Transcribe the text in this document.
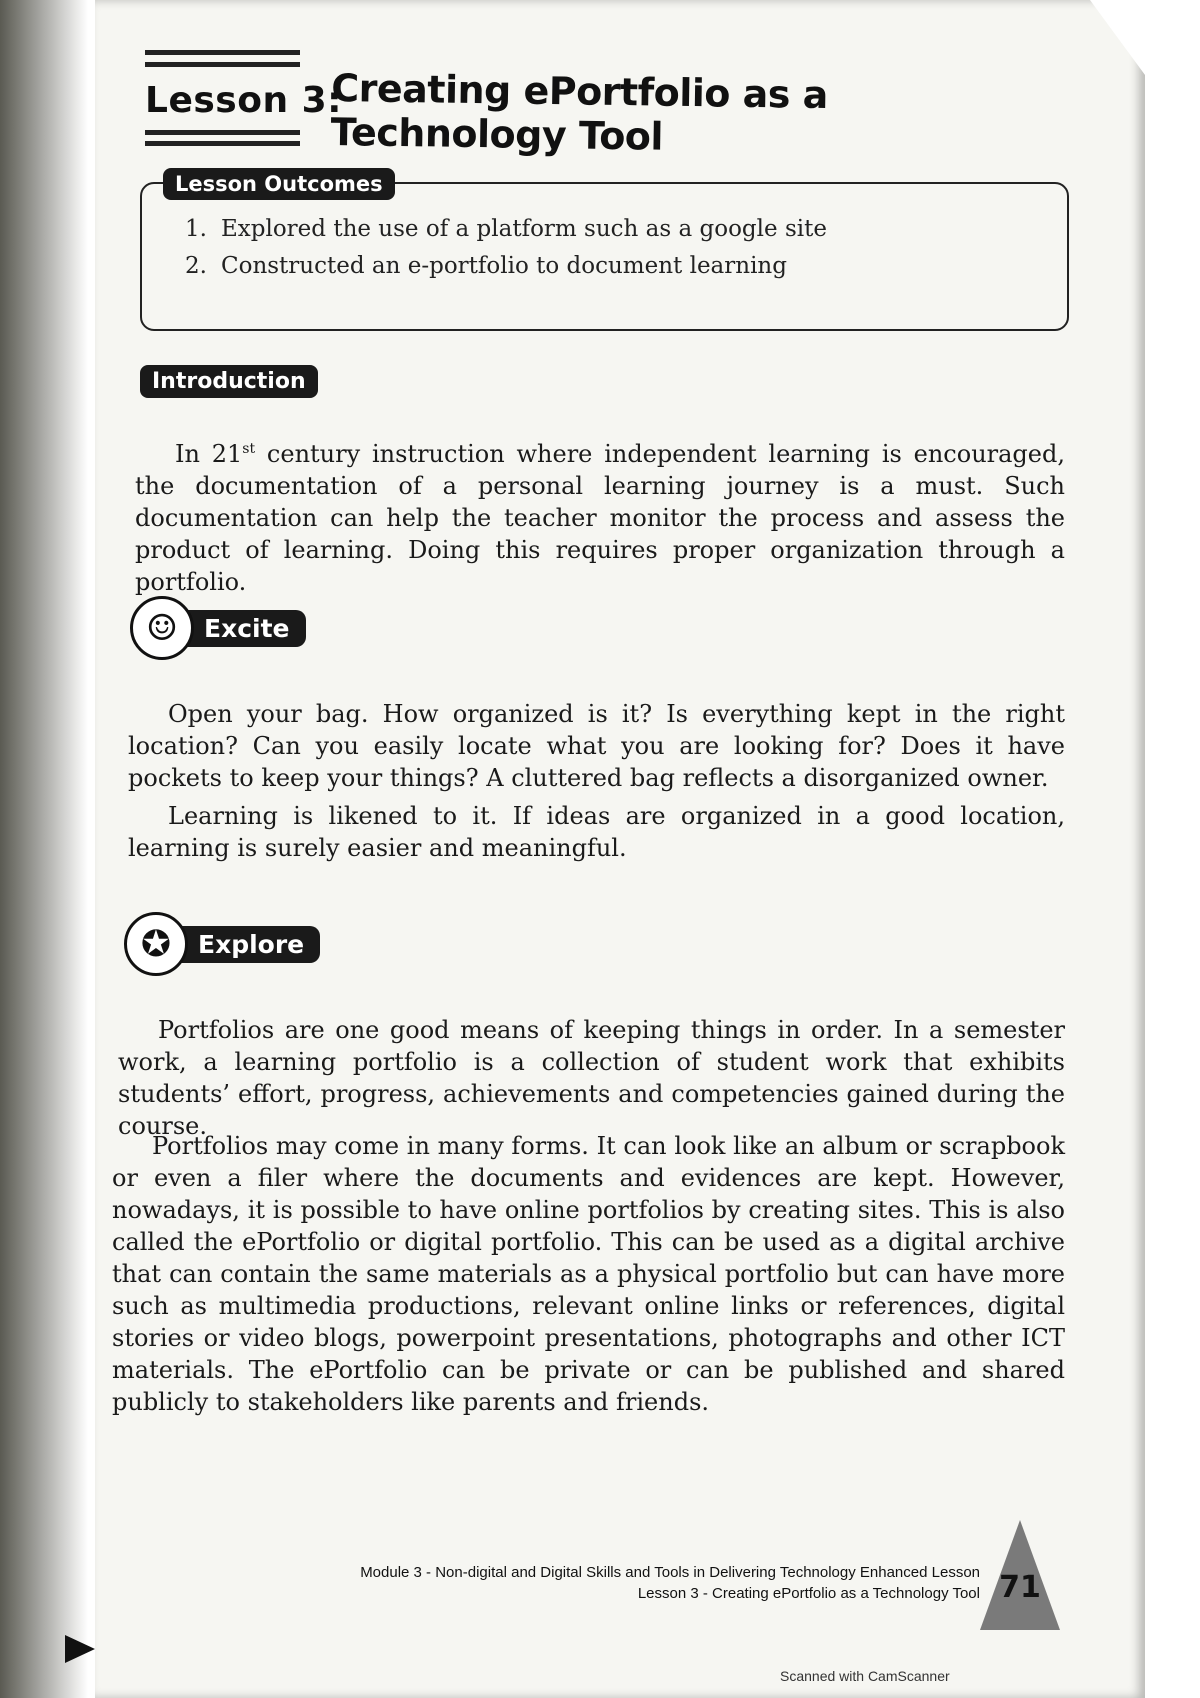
Lesson 3:
Creating ePortfolio as a Technology Tool
Lesson Outcomes
1. Explored the use of a platform such as a google site
2. Constructed an e-portfolio to document learning
Introduction

In 21st century instruction where independent learning is encouraged, the documentation of a personal learning journey is a must. Such documentation can help the teacher monitor the process and assess the product of learning. Doing this requires proper organization through a portfolio.

☺	Excite

Open your bag. How organized is it? Is everything kept in the right location? Can you easily locate what you are looking for? Does it have pockets to keep your things? A cluttered bag reflects a disorganized owner.

Learning is likened to it. If ideas are organized in a good location, learning is surely easier and meaningful.

✪	Explore

Portfolios are one good means of keeping things in order. In a semester work, a learning portfolio is a collection of student work that exhibits students’ effort, progress, achievements and competencies gained during the course.

Portfolios may come in many forms. It can look like an album or scrapbook or even a filer where the documents and evidences are kept. However, nowadays, it is possible to have online portfolios by creating sites. This is also called the ePortfolio or digital portfolio. This can be used as a digital archive that can contain the same materials as a physical portfolio but can have more such as multimedia productions, relevant online links or references, digital stories or video blogs, powerpoint presentations, photographs and other ICT materials. The ePortfolio can be private or can be published and shared publicly to stakeholders like parents and friends.

Module 3 - Non-digital and Digital Skills and Tools in Delivering Technology Enhanced Lesson
Lesson 3 - Creating ePortfolio as a Technology Tool 71
Scanned with CamScanner
